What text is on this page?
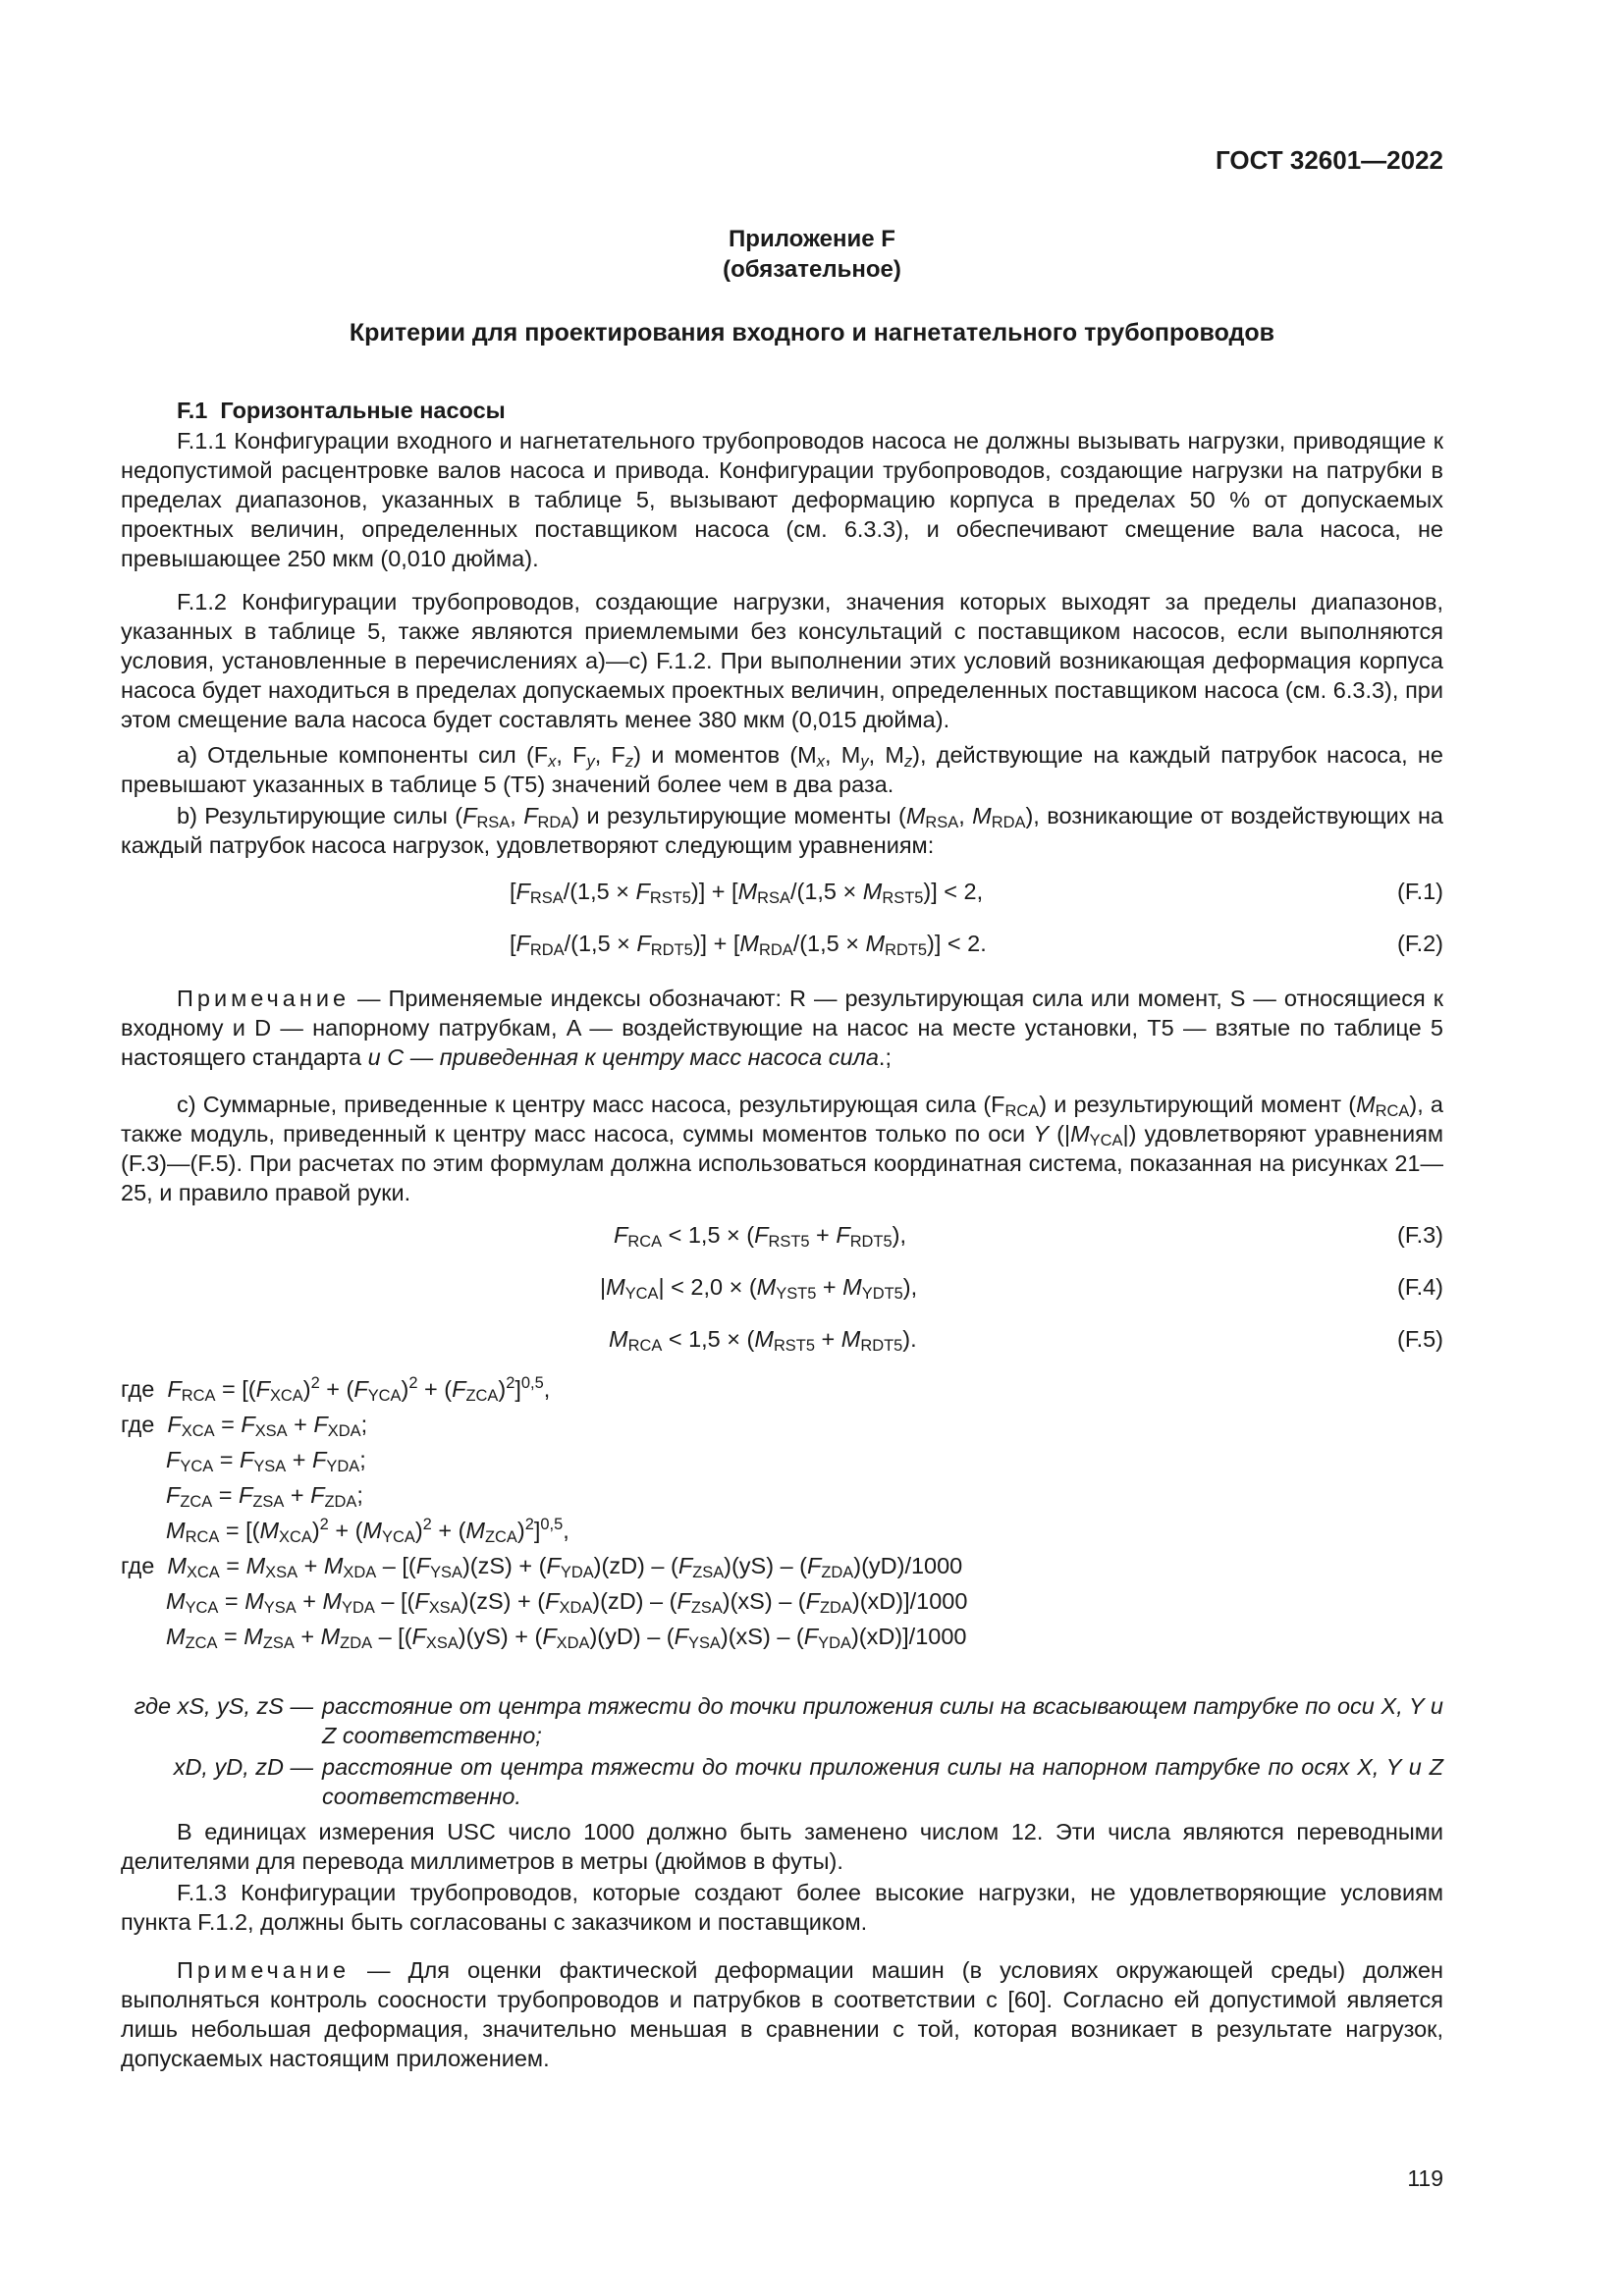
ГОСТ 32601—2022
Приложение F
(обязательное)
Критерии для проектирования входного и нагнетательного трубопроводов
F.1 Горизонтальные насосы

F.1.1 Конфигурации входного и нагнетательного трубопроводов насоса не должны вызывать нагрузки, приводящие к недопустимой расцентровке валов насоса и привода. Конфигурации трубопроводов, создающие нагрузки на патрубки в пределах диапазонов, указанных в таблице 5, вызывают деформацию корпуса в пределах 50 % от допускаемых проектных величин, определенных поставщиком насоса (см. 6.3.3), и обеспечивают смещение вала насоса, не превышающее 250 мкм (0,010 дюйма).

F.1.2 Конфигурации трубопроводов, создающие нагрузки, значения которых выходят за пределы диапазонов, указанных в таблице 5, также являются приемлемыми без консультаций с поставщиком насосов, если выполняются условия, установленные в перечислениях a)—c) F.1.2. При выполнении этих условий возникающая деформация корпуса насоса будет находиться в пределах допускаемых проектных величин, определенных поставщиком насоса (см. 6.3.3), при этом смещение вала насоса будет составлять менее 380 мкм (0,015 дюйма).

a) Отдельные компоненты сил ($F_x$, $F_y$, $F_z$) и моментов ($M_x$, $M_y$, $M_z$), действующие на каждый патрубок насоса, не превышают указанных в таблице 5 (T5) значений более чем в два раза.

b) Результирующие силы ($F_{RSA}$, $F_{RDA}$) и результирующие моменты ($M_{RSA}$, $M_{RDA}$), возникающие от воздействующих на каждый патрубок насоса нагрузок, удовлетворяют следующим уравнениям:

$[F_{RSA}/(1,5 \times F_{RST5})] + [M_{RSA}/(1,5 \times M_{RST5})] < 2$,	(F.1)
$[F_{RDA}/(1,5 \times F_{RDT5})] + [M_{RDA}/(1,5 \times M_{RDT5})] < 2$.	(F.2)

Примечание — Применяемые индексы обозначают: R — результирующая сила или момент, S — относящиеся к входному и D — напорному патрубкам, A — воздействующие на насос на месте установки, T5 — взятые по таблице 5 настоящего стандарта и С — приведенная к центру масс насоса сила.;

c) Суммарные, приведенные к центру масс насоса, результирующая сила $(F_{RCA})$ и результирующий момент $(M_{RCA})$, а также модуль, приведенный к центру масс насоса, суммы моментов только по оси Y $(|M_{YCA}|)$ удовлетворяют уравнениям (F.3)—(F.5). При расчетах по этим формулам должна использоваться координатная система, показанная на рисунках 21—25, и правило правой руки.

$F_{RCA} < 1,5 \times (F_{RST5} + F_{RDT5})$,	(F.3)
$|M_{YCA}| < 2,0 \times (M_{YST5} + M_{YDT5})$,	(F.4)
$M_{RCA} < 1,5 \times (M_{RST5} + M_{RDT5})$.	(F.5)
где $F_{RCA} = [(F_{XCA})^2 + (F_{YCA})^2 + (F_{ZCA})^2]^{0,5}$,
где $F_{XCA} = F_{XSA} + F_{XDA}$;
$F_{YCA} = F_{YSA} + F_{YDA}$;
$F_{ZCA} = F_{ZSA} + F_{ZDA}$;
$M_{RCA} = [(M_{XCA})^2 + (M_{YCA})^2 + (M_{ZCA})^2]^{0,5}$,
где $M_{XCA} = M_{XSA} + M_{XDA} - [(F_{YSA})(zS) + (F_{YDA})(zD) - (F_{ZSA})(yS) - (F_{ZDA})(yD)/1000$
$M_{YCA} = M_{YSA} + M_{YDA} - [(F_{XSA})(zS) + (F_{XDA})(zD) - (F_{ZSA})(xS) - (F_{ZDA})(xD)]/1000$
$M_{ZCA} = M_{ZSA} + M_{ZDA} - [(F_{XSA})(yS) + (F_{XDA})(yD) - (F_{YSA})(xS) - (F_{YDA})(xD)]/1000$
где xS, yS, zS — расстояние от центра тяжести до точки приложения силы на всасывающем патрубке по оси X, Y и Z соответственно;
xD, yD, zD — расстояние от центра тяжести до точки приложения силы на напорном патрубке по осях X, Y и Z соответственно.

В единицах измерения USC число 1000 должно быть заменено числом 12. Эти числа являются переводными делителями для перевода миллиметров в метры (дюймов в футы).

F.1.3 Конфигурации трубопроводов, которые создают более высокие нагрузки, не удовлетворяющие условиям пункта F.1.2, должны быть согласованы с заказчиком и поставщиком.

Примечание — Для оценки фактической деформации машин (в условиях окружающей среды) должен выполняться контроль соосности трубопроводов и патрубков в соответствии с [60]. Согласно ей допустимой является лишь небольшая деформация, значительно меньшая в сравнении с той, которая возникает в результате нагрузок, допускаемых настоящим приложением.

119
